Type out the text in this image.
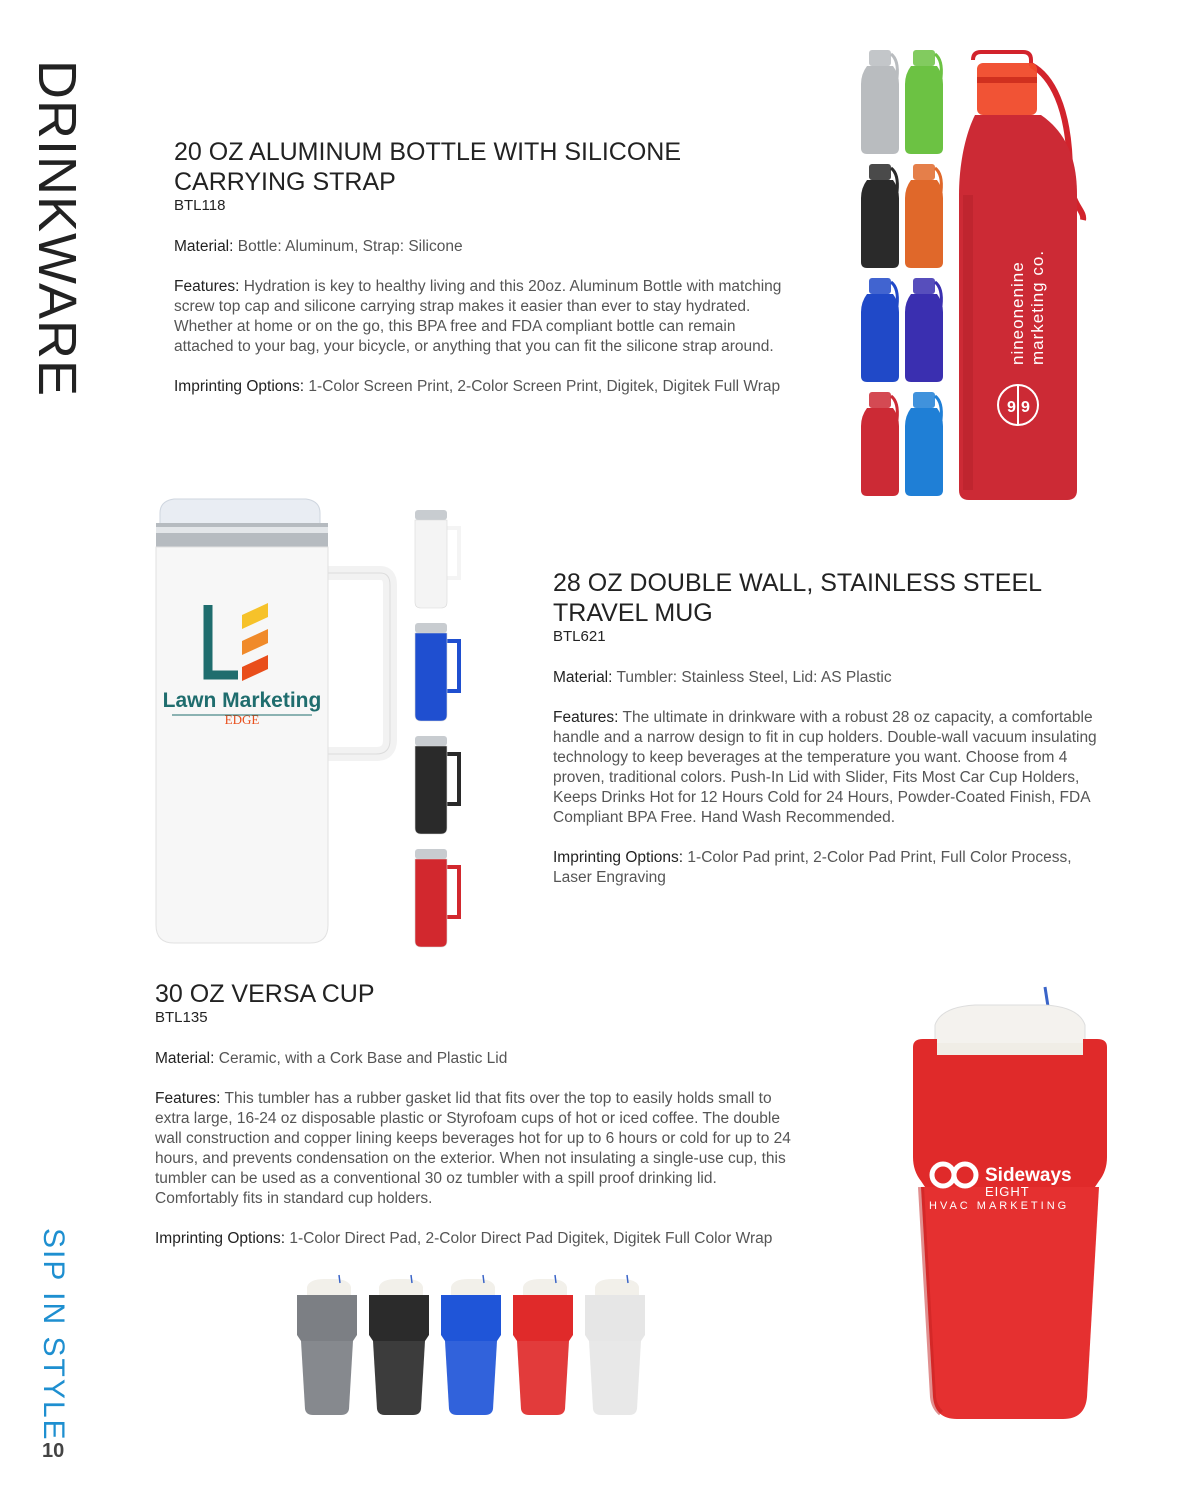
DRINKWARE
SIP IN STYLE
10
20 OZ ALUMINUM BOTTLE WITH SILICONE
CARRYING STRAP
BTL118

Material: Bottle: Aluminum, Strap: Silicone

Features: Hydration is key to healthy living and this 20oz. Aluminum Bottle with matching screw top cap and silicone carrying strap makes it easier than ever to stay hydrated. Whether at home or on the go, this BPA free and FDA compliant bottle can remain attached to your bag, your bicycle, or anything that you can fit the silicone strap around.

Imprinting Options: 1-Color Screen Print, 2-Color Screen Print, Digitek, Digitek Full Wrap

9 9
nineonenine marketing co.
28 OZ DOUBLE WALL, STAINLESS STEEL
TRAVEL MUG
BTL621

Material: Tumbler: Stainless Steel, Lid: AS Plastic

Features: The ultimate in drinkware with a robust 28 oz capacity, a comfortable handle and a narrow design to fit in cup holders. Double-wall vacuum insulating technology to keep beverages at the temperature you want. Choose from 4 proven, traditional colors. Push-In Lid with Slider, Fits Most Car Cup Holders, Keeps Drinks Hot for 12 Hours Cold for 24 Hours, Powder-Coated Finish, FDA Compliant BPA Free. Hand Wash Recommended.

Imprinting Options: 1-Color Pad print, 2-Color Pad Print, Full Color Process, Laser Engraving

Lawn Marketing
EDGE
30 OZ VERSA CUP
BTL135

Material: Ceramic, with a Cork Base and Plastic Lid

Features: This tumbler has a rubber gasket lid that fits over the top to easily holds small to extra large, 16-24 oz disposable plastic or Styrofoam cups of hot or iced coffee. The double wall construction and copper lining keeps beverages hot for up to 6 hours or cold for up to 24 hours, and prevents condensation on the exterior. When not insulating a single-use cup, this tumbler can be used as a conventional 30 oz tumbler with a spill proof drinking lid. Comfortably fits in standard cup holders.

Imprinting Options: 1-Color Direct Pad, 2-Color Direct Pad Digitek, Digitek Full Color Wrap

Sideways
EIGHT
HVAC MARKETING
